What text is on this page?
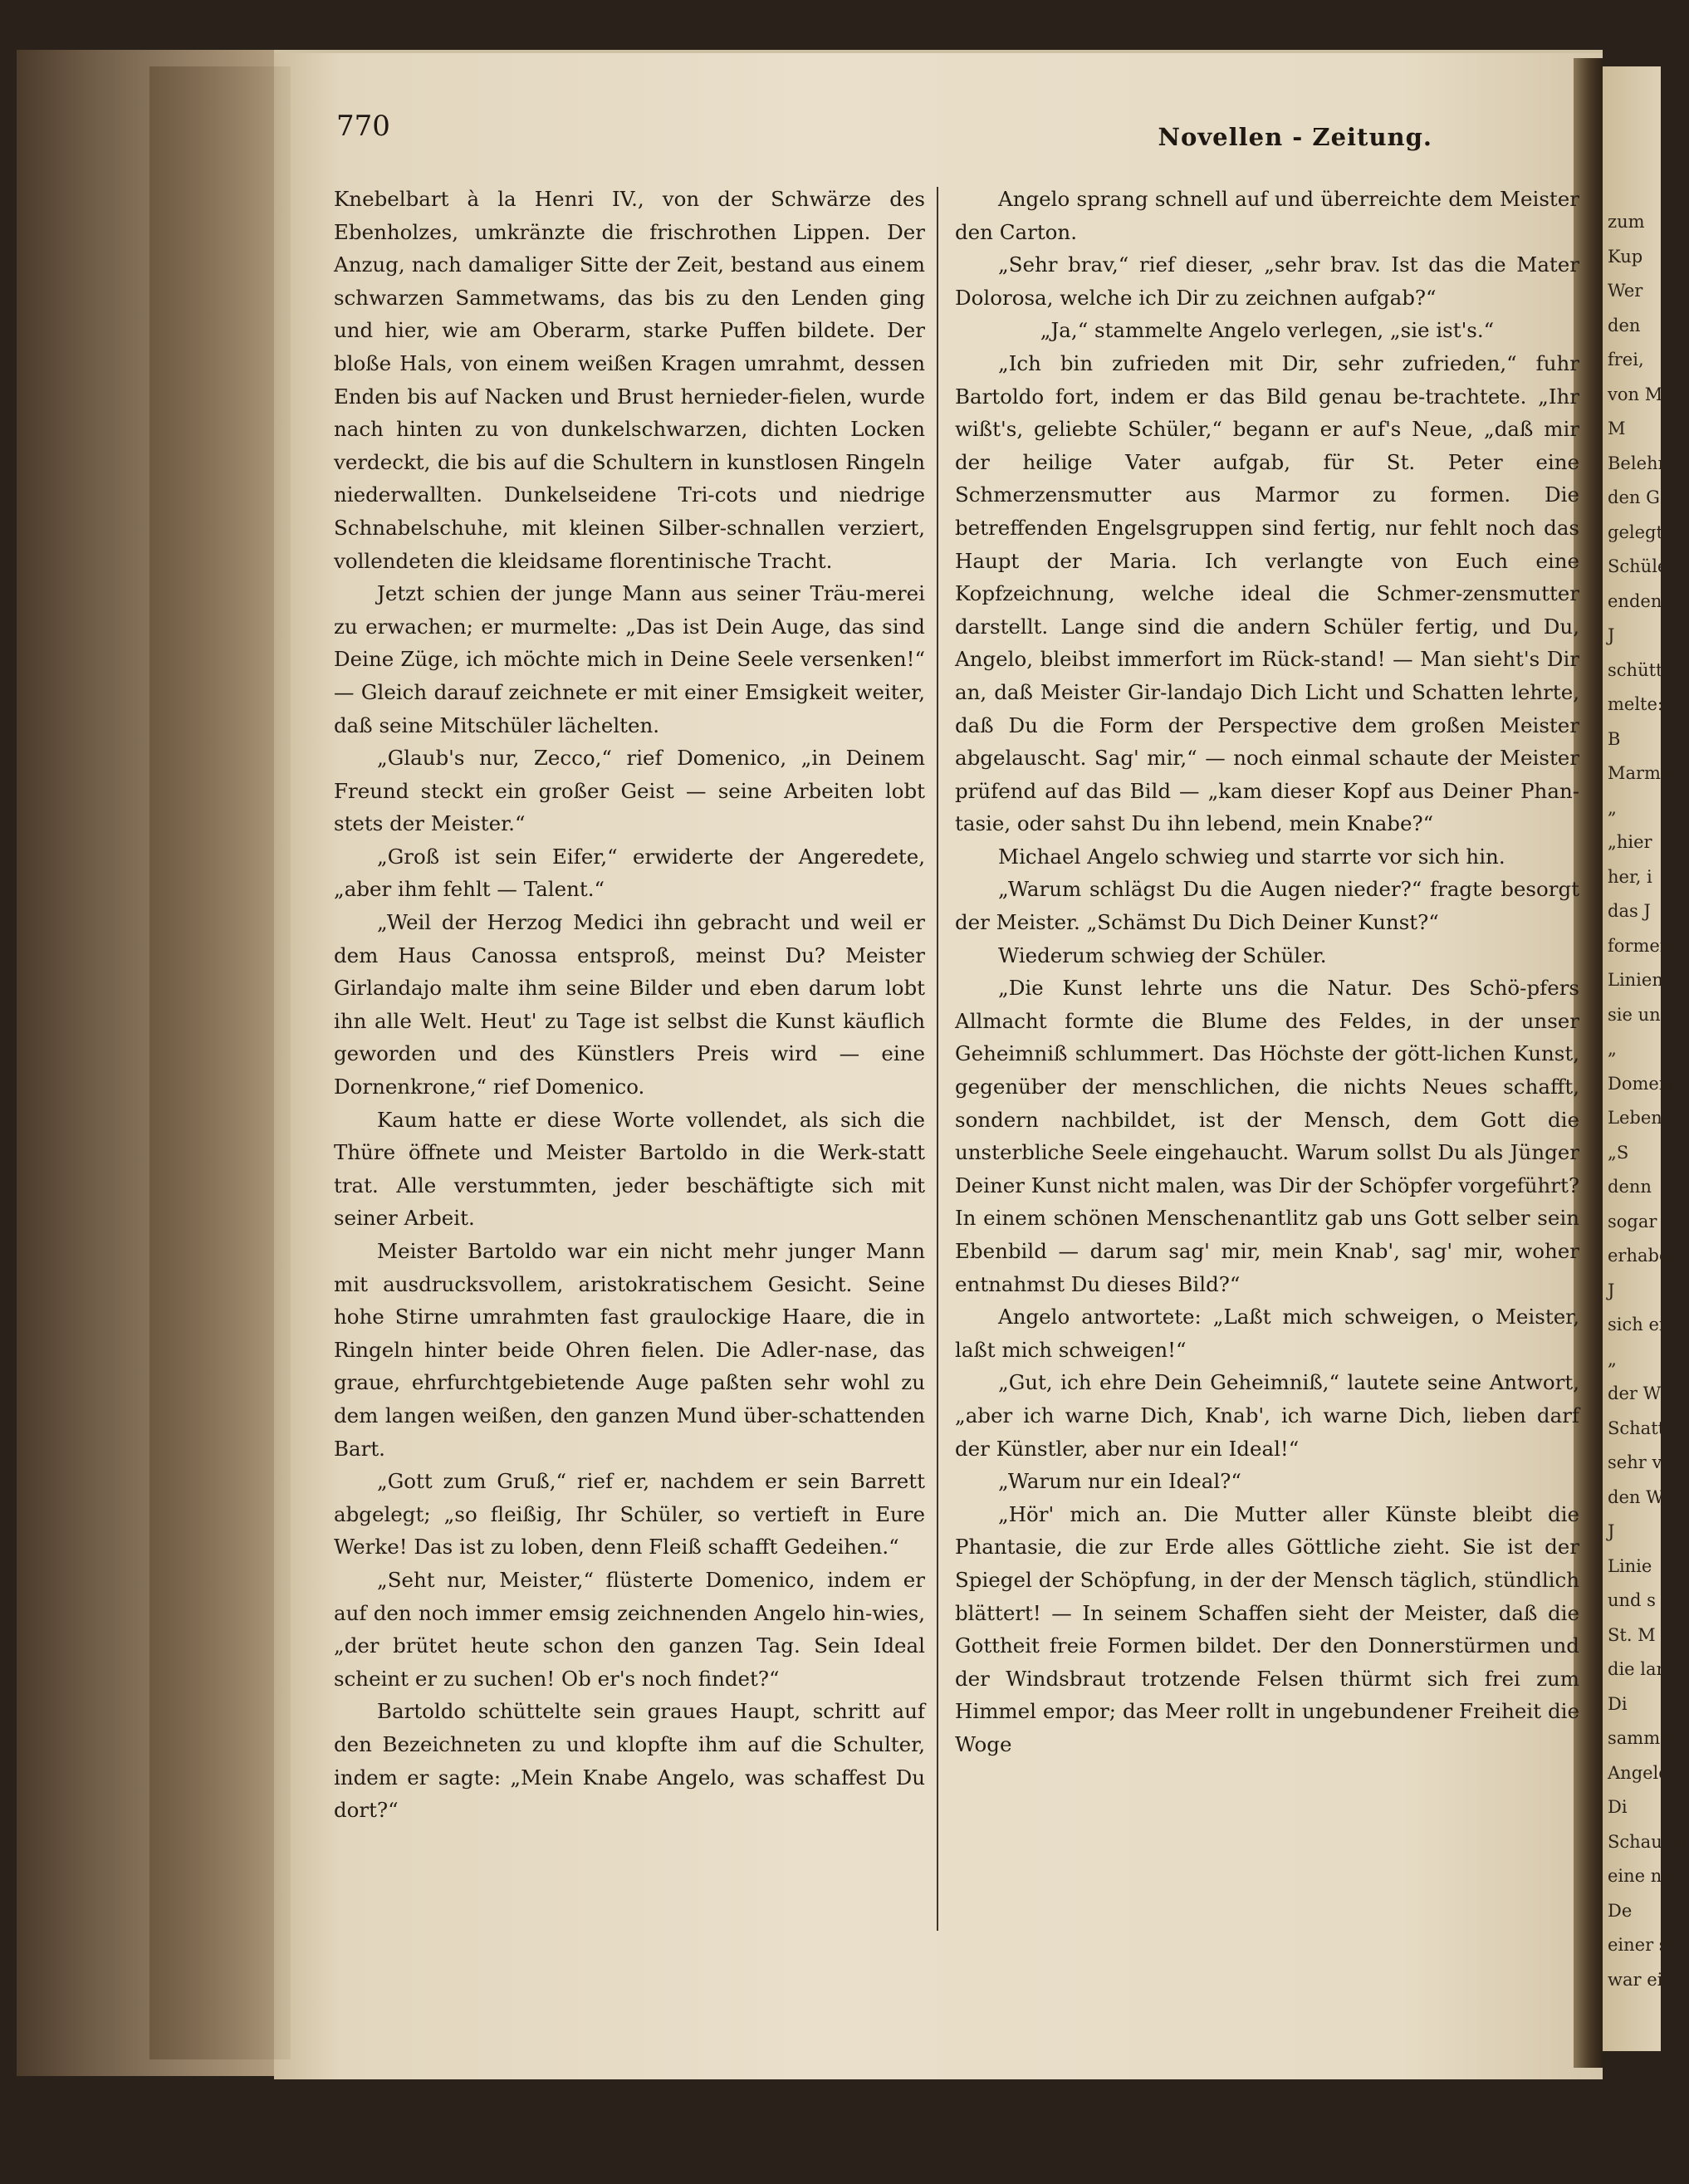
zum
Kup
Wer
den
frei,
von M
M
Belehr
den G
gelegt
Schüle
enden.“
J
schüttel
melte:
B
Marmo
„
„hier
her, i
das J
formen
Linien
sie und
„
Domeni
Lebensz
„S
denn
sogar z
erhaben
J
sich er
„
der W
Schatt
sehr v
den W
J
Linie
und s
St. M
die lan
Di
sammen
Angelo
Di
Schaupla
eine nä
De
einer st
war ein
770	Novellen - Zeitung.

Knebelbart à la Henri IV., von der Schwärze des Ebenholzes, umkränzte die frischrothen Lippen. Der Anzug, nach damaliger Sitte der Zeit, bestand aus einem schwarzen Sammetwams, das bis zu den Lenden ging und hier, wie am Oberarm, starke Puffen bildete. Der bloße Hals, von einem weißen Kragen umrahmt, dessen Enden bis auf Nacken und Brust hernieder-fielen, wurde nach hinten zu von dunkelschwarzen, dichten Locken verdeckt, die bis auf die Schultern in kunstlosen Ringeln niederwallten. Dunkelseidene Tri-cots und niedrige Schnabelschuhe, mit kleinen Silber-schnallen verziert, vollendeten die kleidsame florentinische Tracht.

Jetzt schien der junge Mann aus seiner Träu-merei zu erwachen; er murmelte: „Das ist Dein Auge, das sind Deine Züge, ich möchte mich in Deine Seele versenken!“ — Gleich darauf zeichnete er mit einer Emsigkeit weiter, daß seine Mitschüler lächelten.

„Glaub's nur, Zecco,“ rief Domenico, „in Deinem Freund steckt ein großer Geist — seine Arbeiten lobt stets der Meister.“

„Groß ist sein Eifer,“ erwiderte der Angeredete, „aber ihm fehlt — Talent.“

„Weil der Herzog Medici ihn gebracht und weil er dem Haus Canossa entsproß, meinst Du? Meister Girlandajo malte ihm seine Bilder und eben darum lobt ihn alle Welt. Heut' zu Tage ist selbst die Kunst käuflich geworden und des Künstlers Preis wird — eine Dornenkrone,“ rief Domenico.

Kaum hatte er diese Worte vollendet, als sich die Thüre öffnete und Meister Bartoldo in die Werk-statt trat. Alle verstummten, jeder beschäftigte sich mit seiner Arbeit.

Meister Bartoldo war ein nicht mehr junger Mann mit ausdrucksvollem, aristokratischem Gesicht. Seine hohe Stirne umrahmten fast graulockige Haare, die in Ringeln hinter beide Ohren fielen. Die Adler-nase, das graue, ehrfurchtgebietende Auge paßten sehr wohl zu dem langen weißen, den ganzen Mund über-schattenden Bart.

„Gott zum Gruß,“ rief er, nachdem er sein Barrett abgelegt; „so fleißig, Ihr Schüler, so vertieft in Eure Werke! Das ist zu loben, denn Fleiß schafft Gedeihen.“

„Seht nur, Meister,“ flüsterte Domenico, indem er auf den noch immer emsig zeichnenden Angelo hin-wies, „der brütet heute schon den ganzen Tag. Sein Ideal scheint er zu suchen! Ob er's noch findet?“

Bartoldo schüttelte sein graues Haupt, schritt auf den Bezeichneten zu und klopfte ihm auf die Schulter, indem er sagte: „Mein Knabe Angelo, was schaffest Du dort?“

Angelo sprang schnell auf und überreichte dem Meister den Carton.

„Sehr brav,“ rief dieser, „sehr brav. Ist das die Mater Dolorosa, welche ich Dir zu zeichnen aufgab?“

„Ja,“ stammelte Angelo verlegen, „sie ist's.“

„Ich bin zufrieden mit Dir, sehr zufrieden,“ fuhr Bartoldo fort, indem er das Bild genau be-trachtete. „Ihr wißt's, geliebte Schüler,“ begann er auf's Neue, „daß mir der heilige Vater aufgab, für St. Peter eine Schmerzensmutter aus Marmor zu formen. Die betreffenden Engelsgruppen sind fertig, nur fehlt noch das Haupt der Maria. Ich verlangte von Euch eine Kopfzeichnung, welche ideal die Schmer-zensmutter darstellt. Lange sind die andern Schüler fertig, und Du, Angelo, bleibst immerfort im Rück-stand! — Man sieht's Dir an, daß Meister Gir-landajo Dich Licht und Schatten lehrte, daß Du die Form der Perspective dem großen Meister abgelauscht. Sag' mir,“ — noch einmal schaute der Meister prüfend auf das Bild — „kam dieser Kopf aus Deiner Phan-tasie, oder sahst Du ihn lebend, mein Knabe?“

Michael Angelo schwieg und starrte vor sich hin.

„Warum schlägst Du die Augen nieder?“ fragte besorgt der Meister. „Schämst Du Dich Deiner Kunst?“

Wiederum schwieg der Schüler.

„Die Kunst lehrte uns die Natur. Des Schö-pfers Allmacht formte die Blume des Feldes, in der unser Geheimniß schlummert. Das Höchste der gött-lichen Kunst, gegenüber der menschlichen, die nichts Neues schafft, sondern nachbildet, ist der Mensch, dem Gott die unsterbliche Seele eingehaucht. Warum sollst Du als Jünger Deiner Kunst nicht malen, was Dir der Schöpfer vorgeführt? In einem schönen Menschenantlitz gab uns Gott selber sein Ebenbild — darum sag' mir, mein Knab', sag' mir, woher entnahmst Du dieses Bild?“

Angelo antwortete: „Laßt mich schweigen, o Meister, laßt mich schweigen!“

„Gut, ich ehre Dein Geheimniß,“ lautete seine Antwort, „aber ich warne Dich, Knab', ich warne Dich, lieben darf der Künstler, aber nur ein Ideal!“

„Warum nur ein Ideal?“

„Hör' mich an. Die Mutter aller Künste bleibt die Phantasie, die zur Erde alles Göttliche zieht. Sie ist der Spiegel der Schöpfung, in der der Mensch täglich, stündlich blättert! — In seinem Schaffen sieht der Meister, daß die Gottheit freie Formen bildet. Der den Donnerstürmen und der Windsbraut trotzende Felsen thürmt sich frei zum Himmel empor; das Meer rollt in ungebundener Freiheit die Woge
